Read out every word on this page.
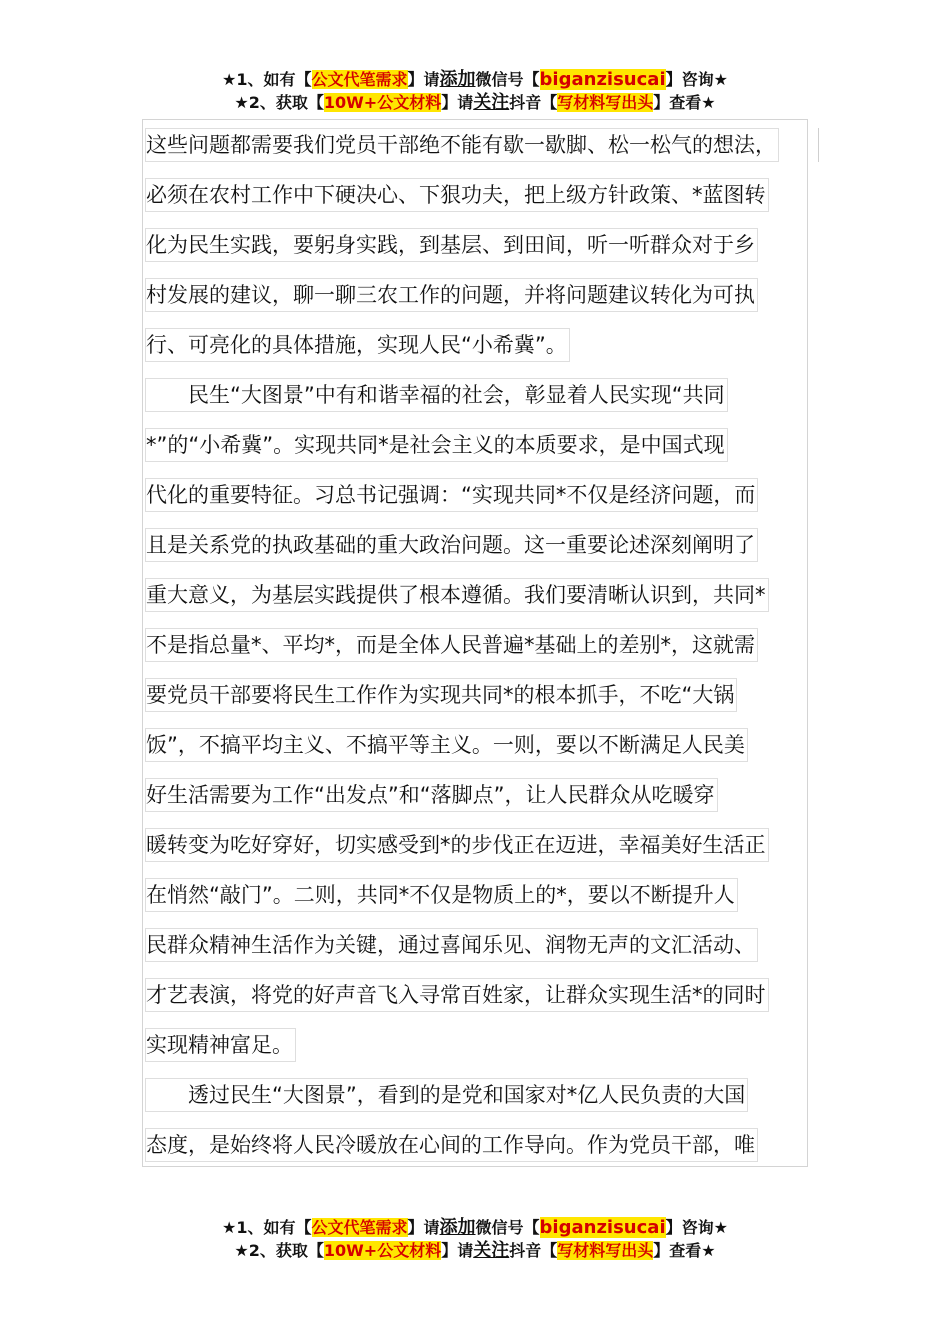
★1、如有【公文代笔需求】请添加微信号【biganzisucai】咨询★
★2、获取【10W+公文材料】请关注抖音【写材料写出头】查看★
这些问题都需要我们党员干部绝不能有歇一歇脚、松一松气的想法，
必须在农村工作中下硬决心、下狠功夫，把上级方针政策、*蓝图转
化为民生实践，要躬身实践，到基层、到田间，听一听群众对于乡
村发展的建议，聊一聊三农工作的问题，并将问题建议转化为可执
行、可亮化的具体措施，实现人民“小希冀”。
　　民生“大图景”中有和谐幸福的社会，彰显着人民实现“共同
*”的“小希冀”。实现共同*是社会主义的本质要求，是中国式现
代化的重要特征。习总书记强调：“实现共同*不仅是经济问题，而
且是关系党的执政基础的重大政治问题。这一重要论述深刻阐明了
重大意义，为基层实践提供了根本遵循。我们要清晰认识到，共同*
不是指总量*、平均*，而是全体人民普遍*基础上的差别*，这就需
要党员干部要将民生工作作为实现共同*的根本抓手，不吃“大锅
饭”，不搞平均主义、不搞平等主义。一则，要以不断满足人民美
好生活需要为工作“出发点”和“落脚点”，让人民群众从吃暖穿
暖转变为吃好穿好，切实感受到*的步伐正在迈进，幸福美好生活正
在悄然“敲门”。二则，共同*不仅是物质上的*，要以不断提升人
民群众精神生活作为关键，通过喜闻乐见、润物无声的文汇活动、
才艺表演，将党的好声音飞入寻常百姓家，让群众实现生活*的同时
实现精神富足。
　　透过民生“大图景”，看到的是党和国家对*亿人民负责的大国
态度，是始终将人民冷暖放在心间的工作导向。作为党员干部，唯
★1、如有【公文代笔需求】请添加微信号【biganzisucai】咨询★
★2、获取【10W+公文材料】请关注抖音【写材料写出头】查看★
